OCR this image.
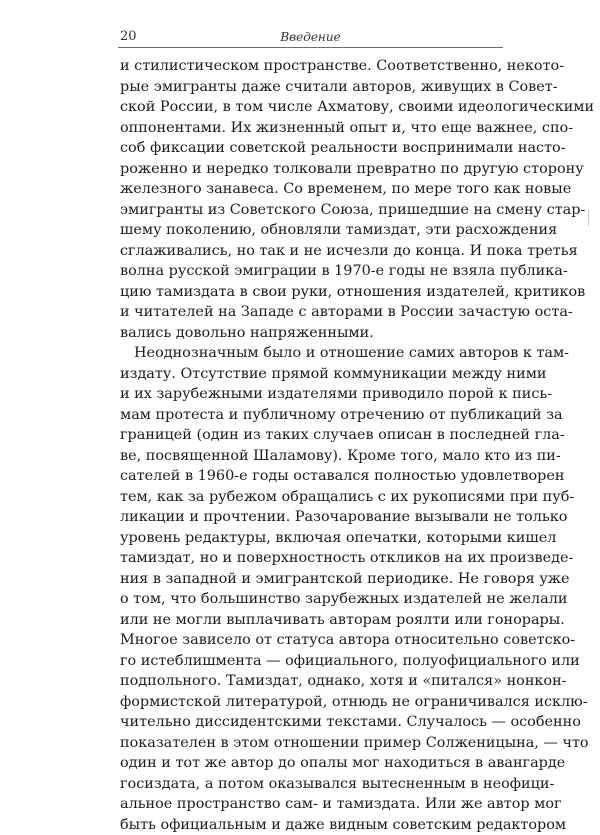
20	Введение
и стилистическом пространстве. Соответственно, некото-
рые эмигранты даже считали авторов, живущих в Совет-
ской России, в том числе Ахматову, своими идеологическими
оппонентами. Их жизненный опыт и, что еще важнее, спо-
соб фиксации советской реальности воспринимали насто-
роженно и нередко толковали превратно по другую сторону
железного занавеса. Со временем, по мере того как новые
эмигранты из Советского Союза, пришедшие на смену стар-
шему поколению, обновляли тамиздат, эти расхождения
сглаживались, но так и не исчезли до конца. И пока третья
волна русской эмиграции в 1970-е годы не взяла публика-
цию тамиздата в свои руки, отношения издателей, критиков
и читателей на Западе с авторами в России зачастую оста-
вались довольно напряженными.
Неоднозначным было и отношение самих авторов к там-
издату. Отсутствие прямой коммуникации между ними
и их зарубежными издателями приводило порой к пись-
мам протеста и публичному отречению от публикаций за
границей (один из таких случаев описан в последней гла-
ве, посвященной Шаламову). Кроме того, мало кто из пи-
сателей в 1960-е годы оставался полностью удовлетворен
тем, как за рубежом обращались с их рукописями при пуб-
ликации и прочтении. Разочарование вызывали не только
уровень редактуры, включая опечатки, которыми кишел
тамиздат, но и поверхностность откликов на их произведе-
ния в западной и эмигрантской периодике. Не говоря уже
о том, что большинство зарубежных издателей не желали
или не могли выплачивать авторам роялти или гонорары.
Многое зависело от статуса автора относительно советско-
го истеблишмента — официального, полуофициального или
подпольного. Тамиздат, однако, хотя и «питался» нонкон-
формистской литературой, отнюдь не ограничивался исклю-
чительно диссидентскими текстами. Случалось — особенно
показателен в этом отношении пример Солженицына, — что
один и тот же автор до опалы мог находиться в авангарде
госиздата, а потом оказывался вытесненным в неофици-
альное пространство сам- и тамиздата. Или же автор мог
быть официальным и даже видным советским редактором
